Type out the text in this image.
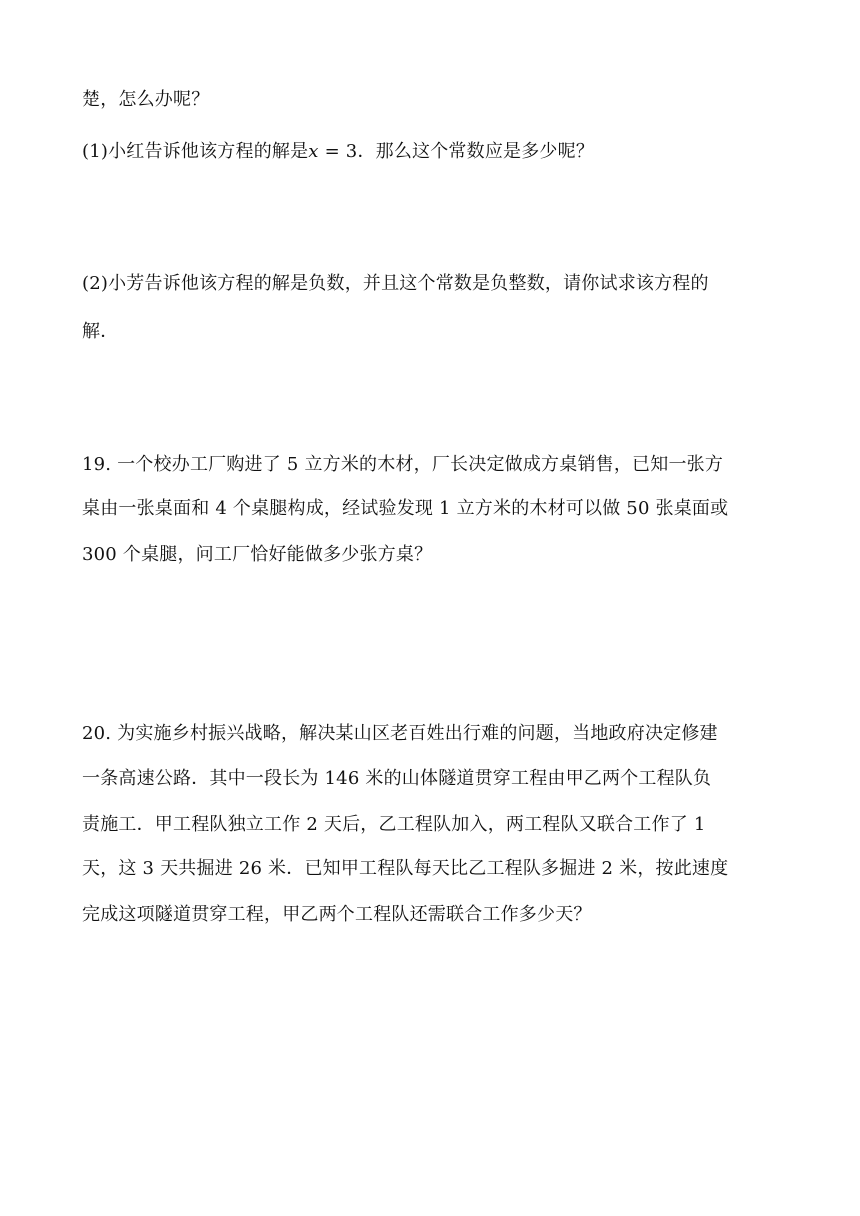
楚，怎么办呢？
(1)小红告诉他该方程的解是x = 3．那么这个常数应是多少呢？
(2)小芳告诉他该方程的解是负数，并且这个常数是负整数，请你试求该方程的
解．
19. 一个校办工厂购进了 5 立方米的木材，厂长决定做成方桌销售，已知一张方
桌由一张桌面和 4 个桌腿构成，经试验发现 1 立方米的木材可以做 50 张桌面或
300 个桌腿，问工厂恰好能做多少张方桌？
20. 为实施乡村振兴战略，解决某山区老百姓出行难的问题，当地政府决定修建
一条高速公路．其中一段长为 146 米的山体隧道贯穿工程由甲乙两个工程队负
责施工．甲工程队独立工作 2 天后，乙工程队加入，两工程队又联合工作了 1
天，这 3 天共掘进 26 米．已知甲工程队每天比乙工程队多掘进 2 米，按此速度
完成这项隧道贯穿工程，甲乙两个工程队还需联合工作多少天？
